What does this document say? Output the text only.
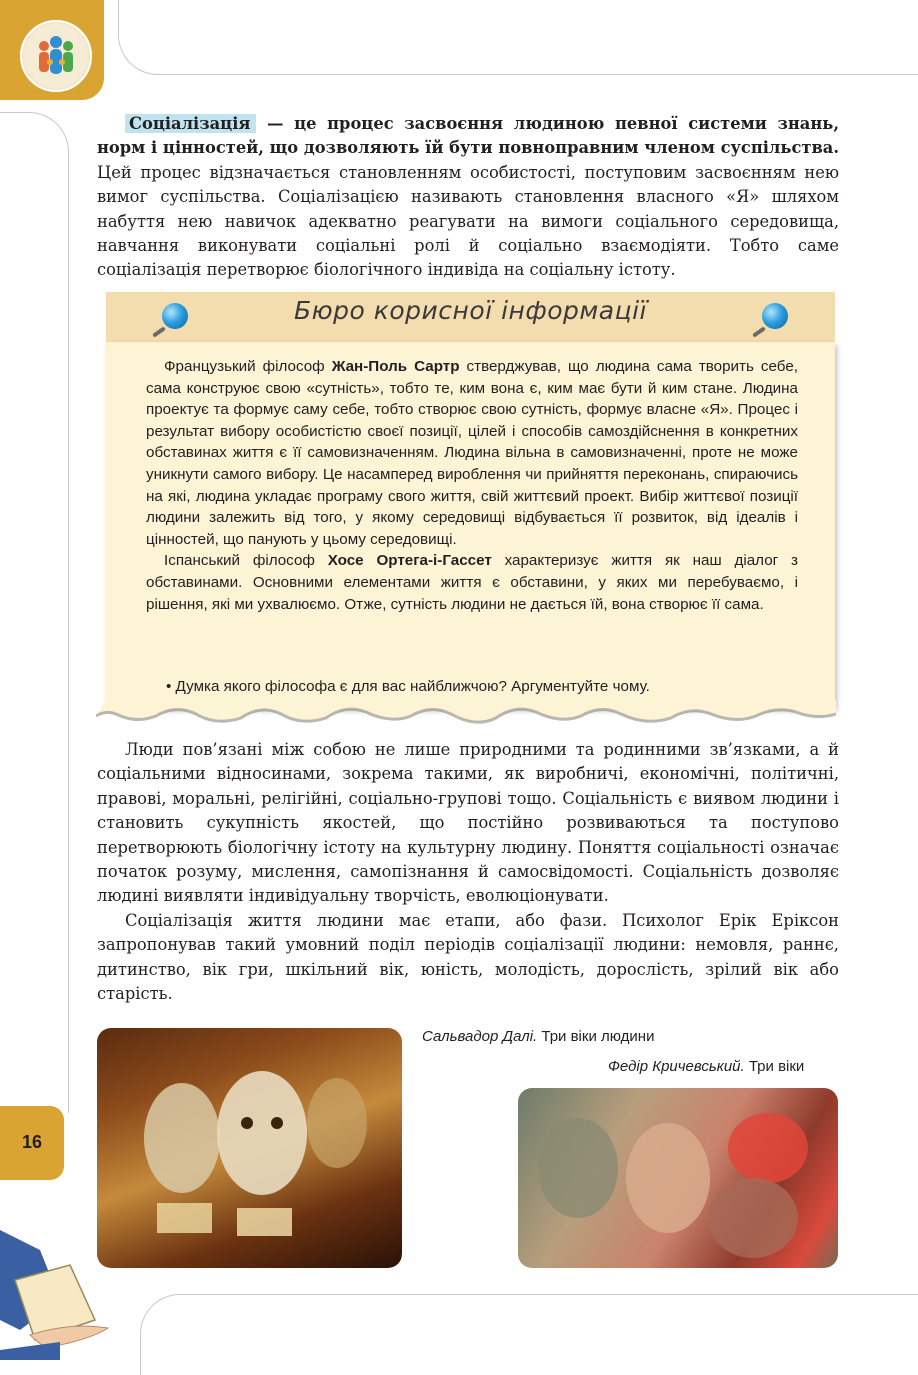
16

Соціалізація — це процес засвоєння людиною певної системи знань, норм і цінностей, що дозволяють їй бути повноправним членом суспільства. Цей процес відзначається становленням особистості, поступовим засвоєнням нею вимог суспільства. Соціалізацією називають становлення власного «Я» шляхом набуття нею навичок адекватно реагувати на вимоги соціального середовища, навчання виконувати соціальні ролі й соціально взаємодіяти. Тобто саме соціалізація перетворює біологічного індивіда на соціальну істоту.

Бюро корисної інформації

Французький філософ Жан-Поль Сартр стверджував, що людина сама творить себе, сама конструює свою «сутність», тобто те, ким вона є, ким має бути й ким стане. Людина проектує та формує саму себе, тобто створює свою сутність, формує власне «Я». Процес і результат вибору особистістю своєї позиції, цілей і способів самоздійснення в конкретних обставинах життя є її самовизначенням. Людина вільна в самовизначенні, проте не може уникнути самого вибору. Це насамперед вироблення чи прийняття переконань, спираючись на які, людина укладає програму свого життя, свій життєвий проект. Вибір життєвої позиції людини залежить від того, у якому середовищі відбувається її розвиток, від ідеалів і цінностей, що панують у цьому середовищі.

Іспанський філософ Хосе Ортега-і-Гассет характеризує життя як наш діалог з обставинами. Основними елементами життя є обставини, у яких ми перебуваємо, і рішення, які ми ухвалюємо. Отже, сутність людини не дається їй, вона створює її сама.

• Думка якого філософа є для вас найближчою? Аргументуйте чому.

Люди пов’язані між собою не лише природними та родинними зв’язками, а й соціальними відносинами, зокрема такими, як виробничі, економічні, політичні, правові, моральні, релігійні, соціально-групові тощо. Соціальність є виявом людини і становить сукупність якостей, що постійно розвиваються та поступово перетворюють біологічну істоту на культурну людину. Поняття соціальності означає початок розуму, мислення, самопізнання й самосвідомості. Соціальність дозволяє людині виявляти індивідуальну творчість, еволюціонувати.

Соціалізація життя людини має етапи, або фази. Психолог Ерік Еріксон запропонував такий умовний поділ періодів соціалізації людини: немовля, раннє, дитинство, вік гри, шкільний вік, юність, молодість, дорослість, зрілий вік або старість.

Сальвадор Далі. Три віки людини
Федір Кричевський. Три віки
